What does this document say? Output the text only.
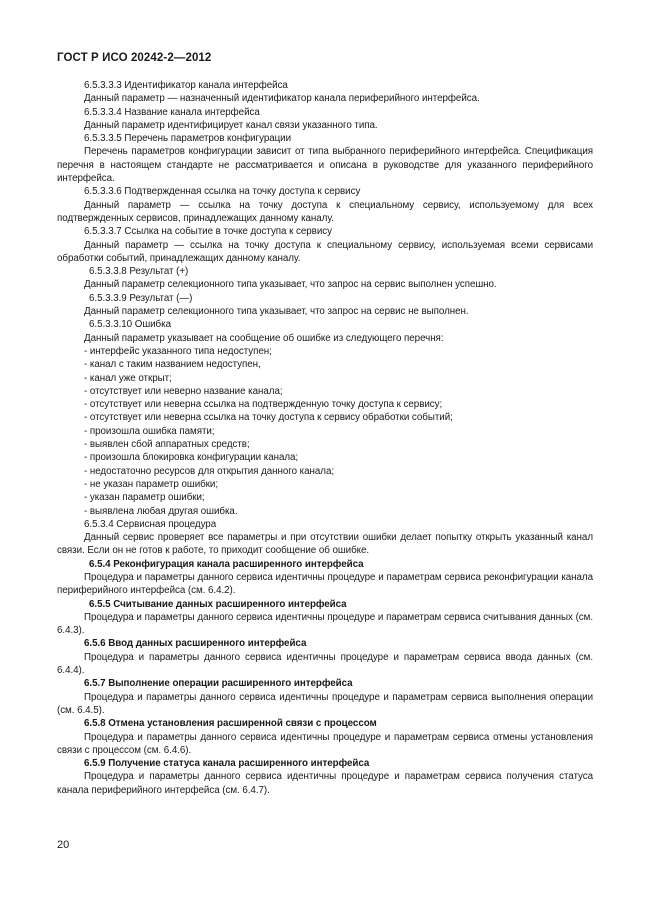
ГОСТ Р ИСО 20242-2—2012

6.5.3.3.3 Идентификатор канала интерфейса

Данный параметр — назначенный идентификатор канала периферийного интерфейса.

6.5.3.3.4 Название канала интерфейса

Данный параметр идентифицирует канал связи указанного типа.

6.5.3.3.5 Перечень параметров конфигурации

Перечень параметров конфигурации зависит от типа выбранного периферийного интерфейса. Спецификация перечня в настоящем стандарте не рассматривается и описана в руководстве для указанного периферийного интерфейса.

6.5.3.3.6 Подтвержденная ссылка на точку доступа к сервису

Данный параметр — ссылка на точку доступа к специальному сервису, используемому для всех подтвержденных сервисов, принадлежащих данному каналу.

6.5.3.3.7 Ссылка на событие в точке доступа к сервису

Данный параметр — ссылка на точку доступа к специальному сервису, используемая всеми сервисами обработки событий, принадлежащих данному каналу.

6.5.3.3.8 Результат (+)

Данный параметр селекционного типа указывает, что запрос на сервис выполнен успешно.

6.5.3.3.9 Результат (—)

Данный параметр селекционного типа указывает, что запрос на сервис не выполнен.

6.5.3.3.10 Ошибка

Данный параметр указывает на сообщение об ошибке из следующего перечня:

- интерфейс указанного типа недоступен;

- канал с таким названием недоступен,

- канал уже открыт;

- отсутствует или неверно название канала;

- отсутствует или неверна ссылка на подтвержденную точку доступа к сервису;

- отсутствует или неверна ссылка на точку доступа к сервису обработки событий;

- произошла ошибка памяти;

- выявлен сбой аппаратных средств;

- произошла блокировка конфигурации канала;

- недостаточно ресурсов для открытия данного канала;

- не указан параметр ошибки;

- указан параметр ошибки;

- выявлена любая другая ошибка.

6.5.3.4 Сервисная процедура

Данный сервис проверяет все параметры и при отсутствии ошибки делает попытку открыть указанный канал связи. Если он не готов к работе, то приходит сообщение об ошибке.

6.5.4 Реконфигурация канала расширенного интерфейса

Процедура и параметры данного сервиса идентичны процедуре и параметрам сервиса реконфигурации канала периферийного интерфейса (см. 6.4.2).

6.5.5 Считывание данных расширенного интерфейса

Процедура и параметры данного сервиса идентичны процедуре и параметрам сервиса считывания данных (см. 6.4.3).

6.5.6 Ввод данных расширенного интерфейса

Процедура и параметры данного сервиса идентичны процедуре и параметрам сервиса ввода данных (см. 6.4.4).

6.5.7 Выполнение операции расширенного интерфейса

Процедура и параметры данного сервиса идентичны процедуре и параметрам сервиса выполнения операции (см. 6.4.5).

6.5.8 Отмена установления расширенной связи с процессом

Процедура и параметры данного сервиса идентичны процедуре и параметрам сервиса отмены установления связи с процессом (см. 6.4.6).

6.5.9 Получение статуса канала расширенного интерфейса

Процедура и параметры данного сервиса идентичны процедуре и параметрам сервиса получения статуса канала периферийного интерфейса (см. 6.4.7).

20
